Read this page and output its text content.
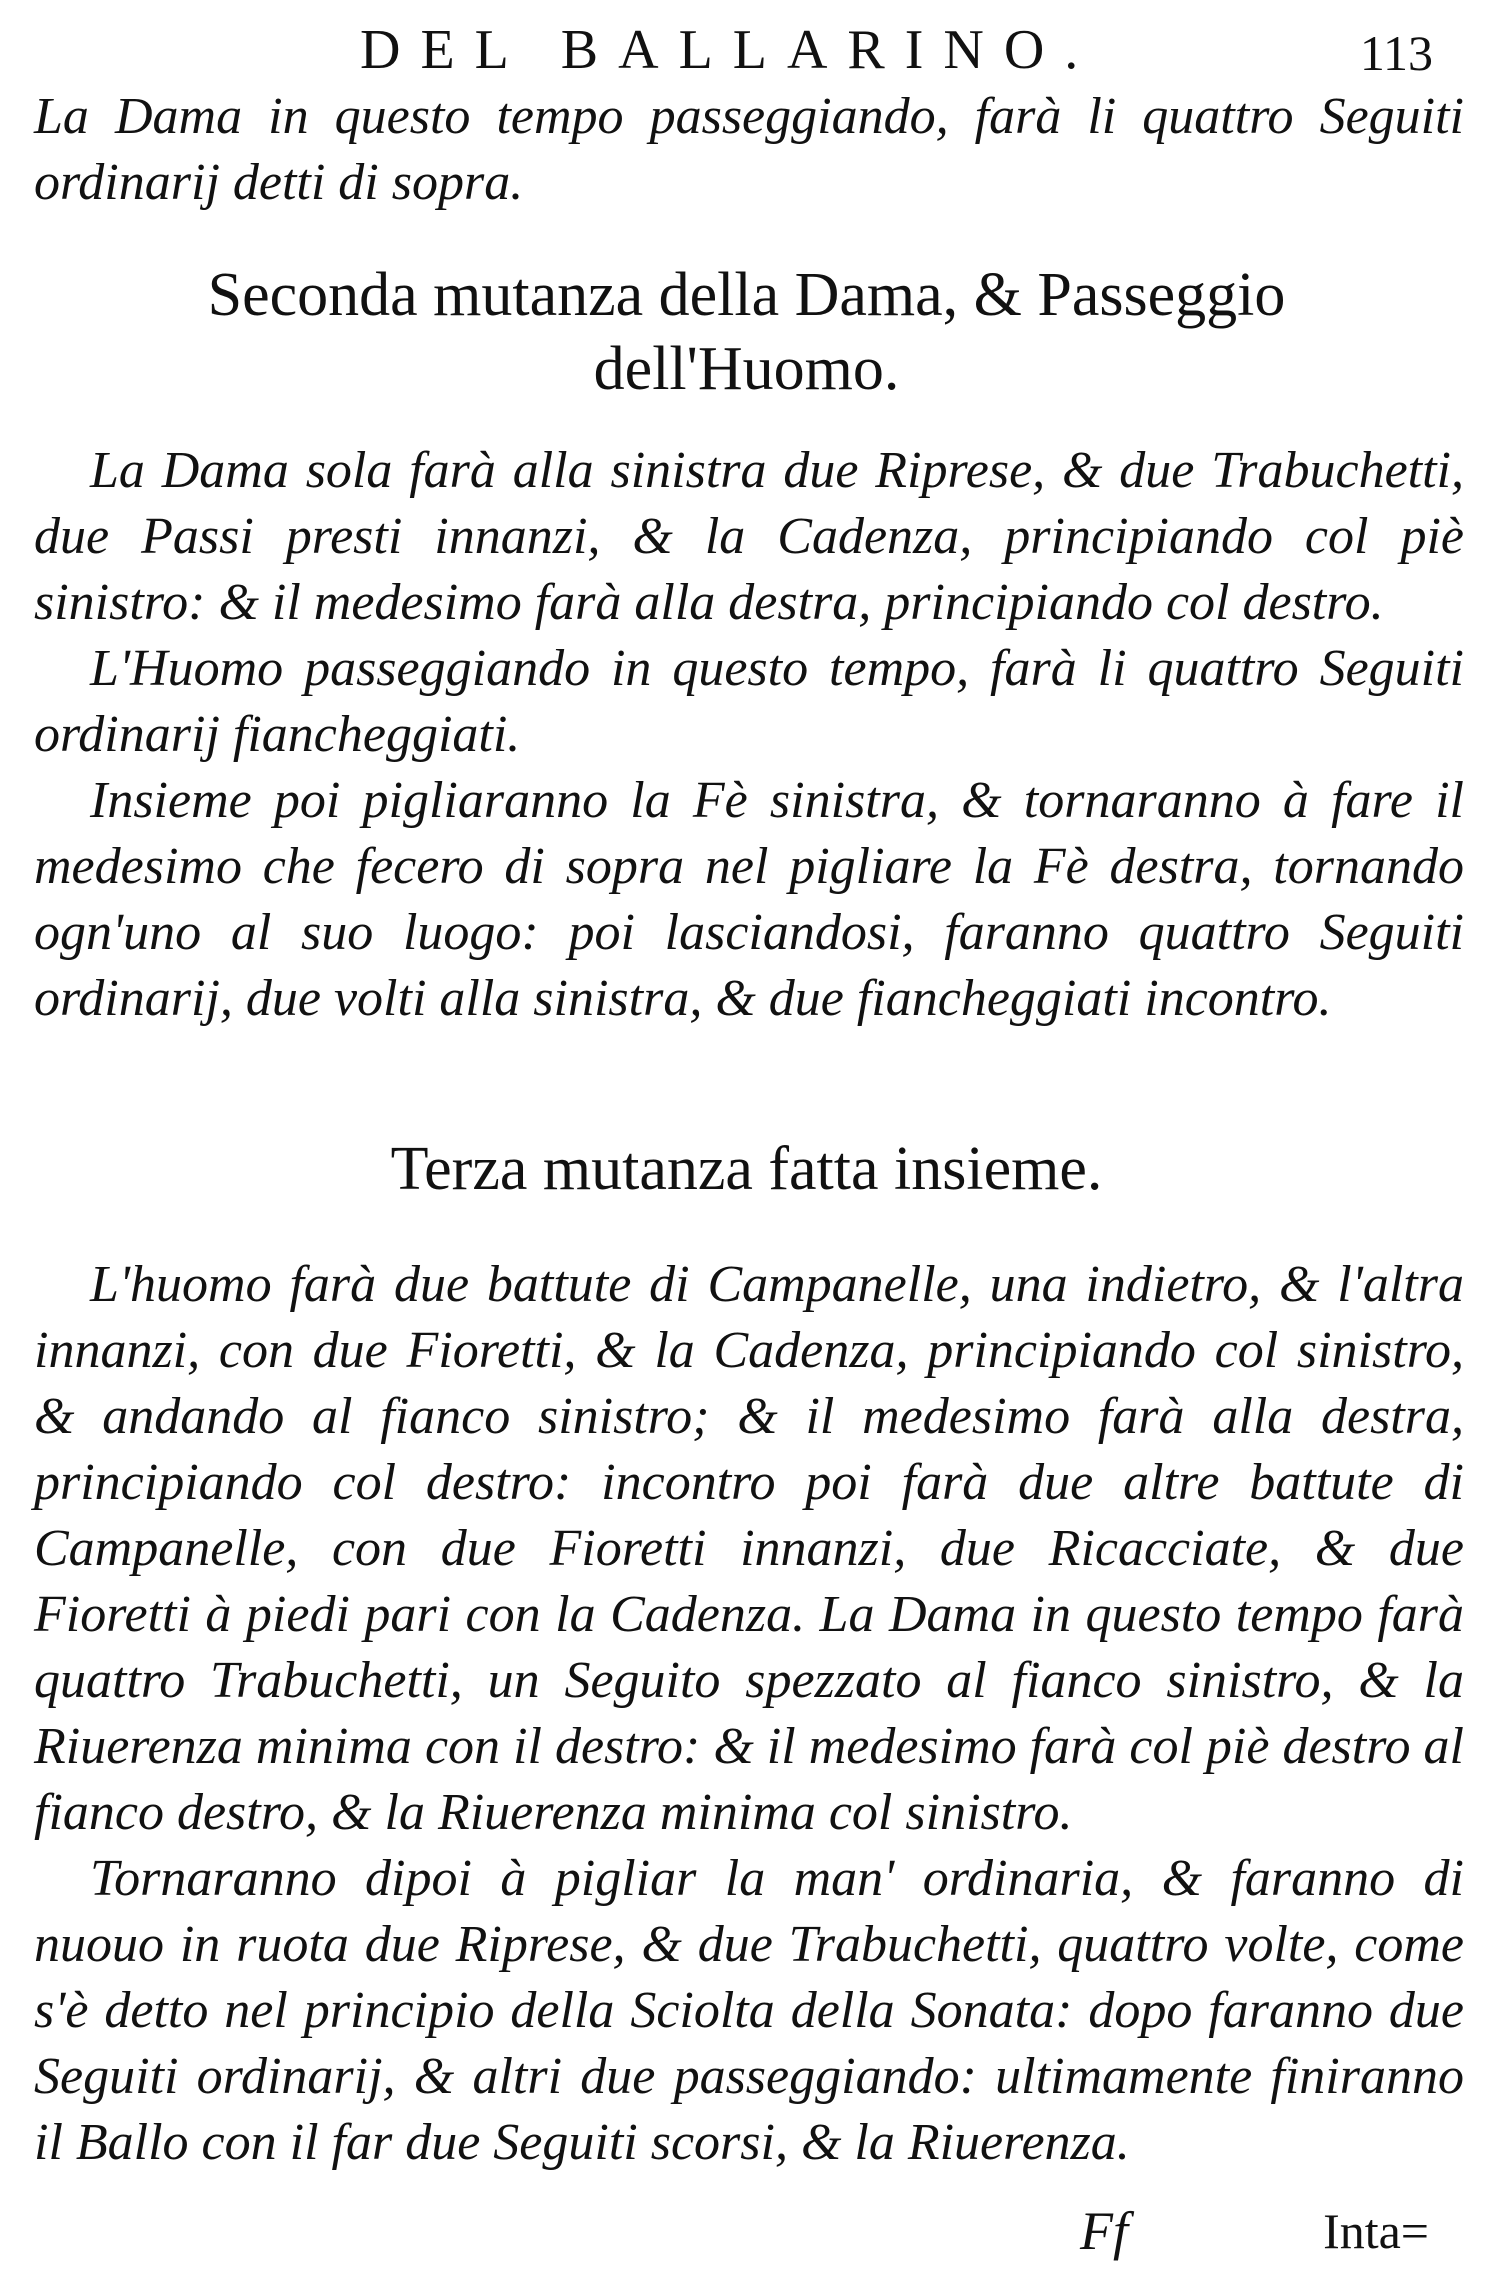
DEL BALLARINO.	113

La Dama in questo tempo passeggiando, farà li quattro Seguiti ordinarij detti di sopra.

Seconda mutanza della Dama, & Passeggio dell'Huomo.

La Dama sola farà alla sinistra due Riprese, & due Trabuchetti, due Passi presti innanzi, & la Cadenza, principiando col piè sinistro: & il medesimo farà alla destra, principiando col destro.

L'Huomo passeggiando in questo tempo, farà li quattro Seguiti ordinarij fiancheggiati.

Insieme poi pigliaranno la Fè sinistra, & tornaranno à fare il medesimo che fecero di sopra nel pigliare la Fè destra, tornando ogn'uno al suo luogo: poi lasciandosi, faranno quattro Seguiti ordinarij, due volti alla sinistra, & due fiancheggiati incontro.

Terza mutanza fatta insieme.

L'huomo farà due battute di Campanelle, una indietro, & l'altra innanzi, con due Fioretti, & la Cadenza, principiando col sinistro, & andando al fianco sinistro; & il medesimo farà alla destra, principiando col destro: incontro poi farà due altre battute di Campanelle, con due Fioretti innanzi, due Ricacciate, & due Fioretti à piedi pari con la Cadenza. La Dama in questo tempo farà quattro Trabuchetti, un Seguito spezzato al fianco sinistro, & la Riuerenza minima con il destro: & il medesimo farà col piè destro al fianco destro, & la Riuerenza minima col sinistro.

Tornaranno dipoi à pigliar la man' ordinaria, & faranno di nuouo in ruota due Riprese, & due Trabuchetti, quattro volte, come s'è detto nel principio della Sciolta della Sonata: dopo faranno due Seguiti ordinarij, & altri due passeggiando: ultimamente finiranno il Ballo con il far due Seguiti scorsi, & la Riuerenza.

Ff	Inta=
